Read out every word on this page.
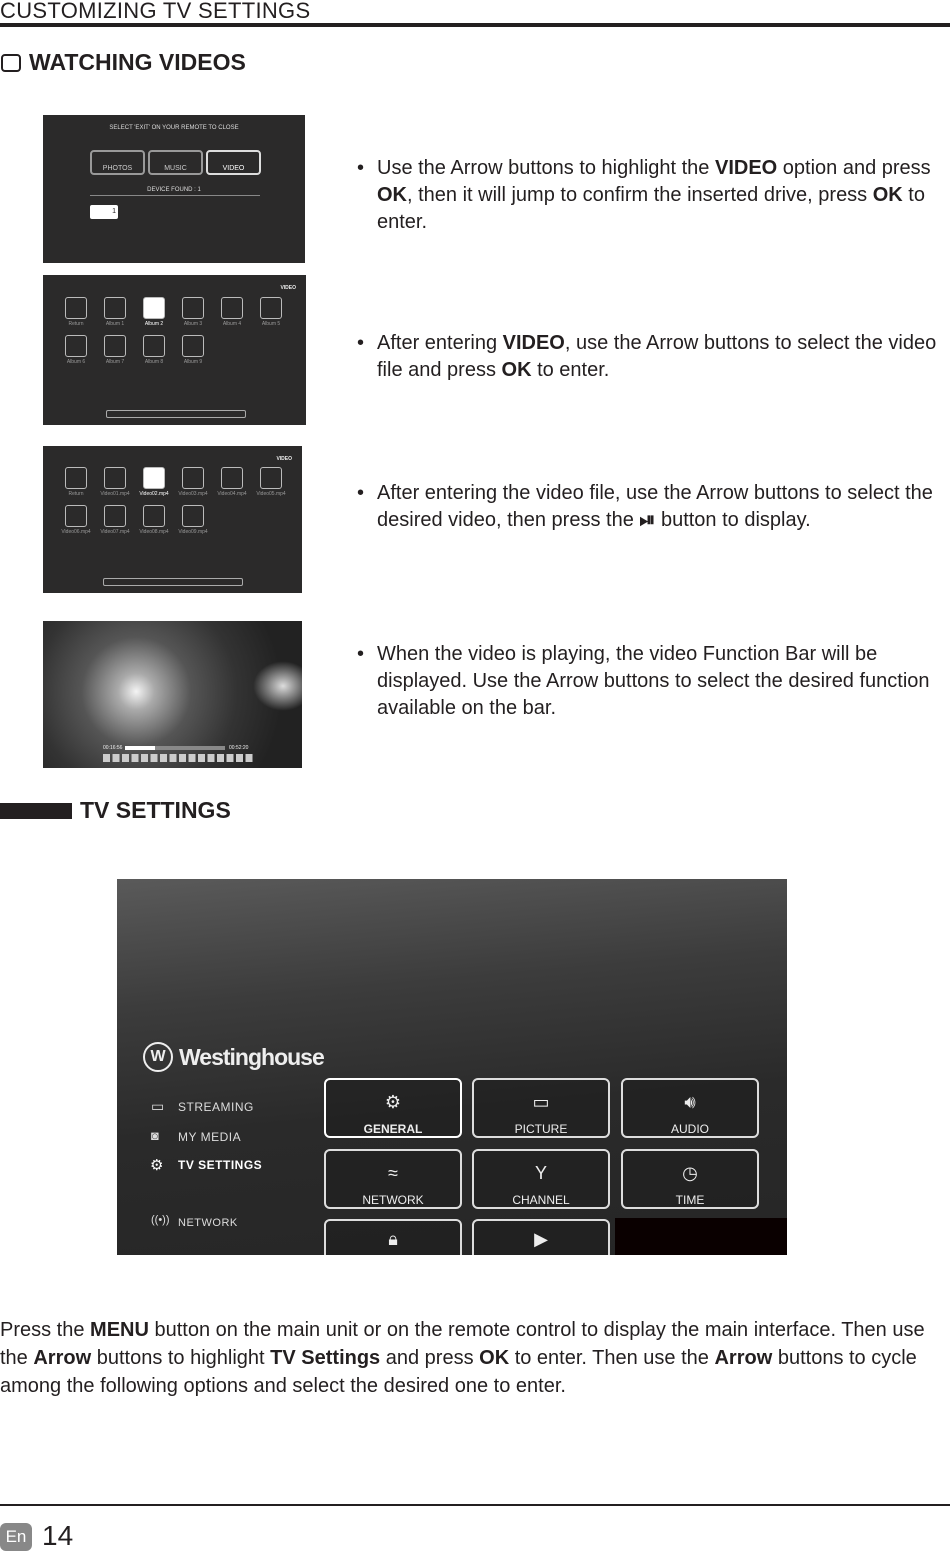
CUSTOMIZING TV SETTINGS
WATCHING VIDEOS
SELECT 'EXIT' ON YOUR REMOTE TO CLOSE
PHOTOS	MUSIC	VIDEO
DEVICE FOUND : 1
1
VIDEO
Return	Album 1	Album 2	Album 3	Album 4	Album 5
Album 6	Album 7	Album 8	Album 9
VIDEO
Return	Video01.mp4	Video02.mp4	Video03.mp4	Video04.mp4	Video05.mp4
Video06.mp4	Video07.mp4	Video08.mp4	Video09.mp4
00:16:56	00:52:20
• Use the Arrow buttons to highlight the VIDEO option and press OK, then it will jump to confirm the inserted drive, press OK to enter.
• After entering VIDEO, use the Arrow buttons to select the video file and press OK to enter.
• After entering the video file, use the Arrow buttons to select the desired video, then press the ⏯ button to display.
• When the video is playing, the video Function Bar will be displayed. Use the Arrow buttons to select the desired function available on the bar.
TV SETTINGS
W Westinghouse
▭ STREAMING
◙ MY MEDIA
⚙ TV SETTINGS
((•)) NETWORK
⚙
GENERAL
▭
PICTURE
🔊︎
AUDIO
≈
NETWORK
Y
CHANNEL
◷
TIME
🔒︎	▶
Press the MENU button on the main unit or on the remote control to display the main interface. Then use the Arrow buttons to highlight TV Settings and press OK to enter. Then use the Arrow buttons to cycle among the following options and select the desired one to enter.
En 14
